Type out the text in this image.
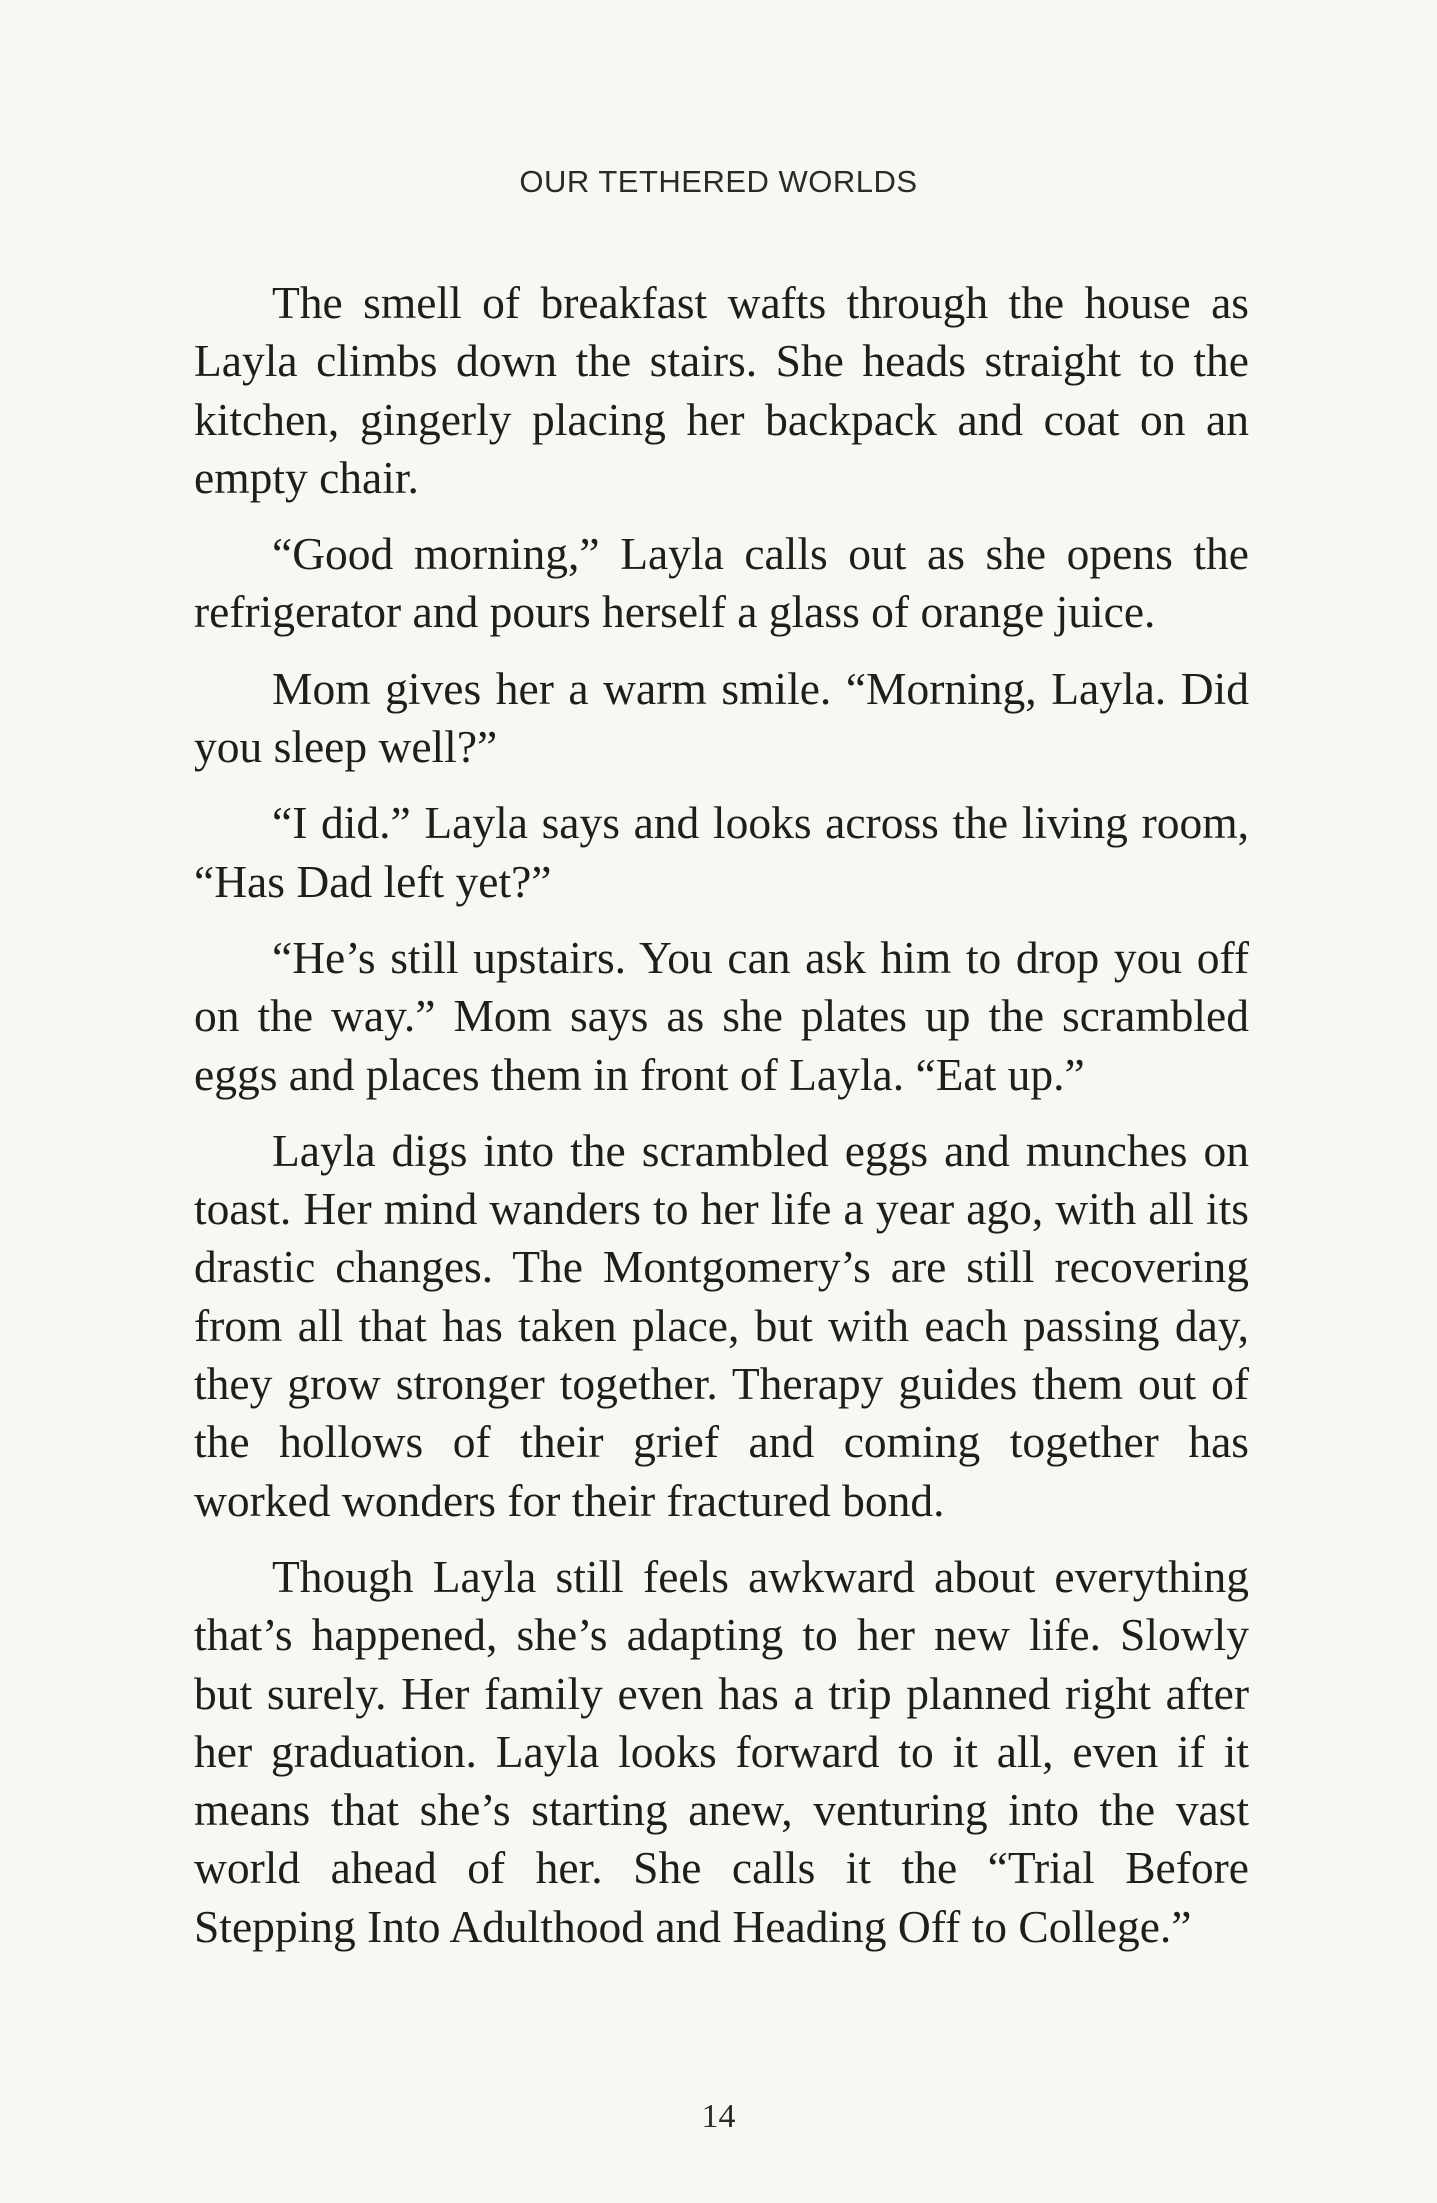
OUR TETHERED WORLDS

The smell of breakfast wafts through the house as Layla climbs down the stairs. She heads straight to the kitchen, gingerly placing her backpack and coat on an empty chair.

“Good morning,” Layla calls out as she opens the refrigerator and pours herself a glass of orange juice.

Mom gives her a warm smile. “Morning, Layla. Did you sleep well?”

“I did.” Layla says and looks across the living room, “Has Dad left yet?”

“He’s still upstairs. You can ask him to drop you off on the way.” Mom says as she plates up the scrambled eggs and places them in front of Layla. “Eat up.”

Layla digs into the scrambled eggs and munches on toast. Her mind wanders to her life a year ago, with all its drastic changes. The Montgomery’s are still recovering from all that has taken place, but with each passing day, they grow stronger together. Therapy guides them out of the hollows of their grief and coming together has worked wonders for their fractured bond.

Though Layla still feels awkward about everything that’s happened, she’s adapting to her new life. Slowly but surely. Her family even has a trip planned right after her graduation. Layla looks forward to it all, even if it means that she’s starting anew, venturing into the vast world ahead of her. She calls it the “Trial Before Stepping Into Adulthood and Heading Off to College.”

14
